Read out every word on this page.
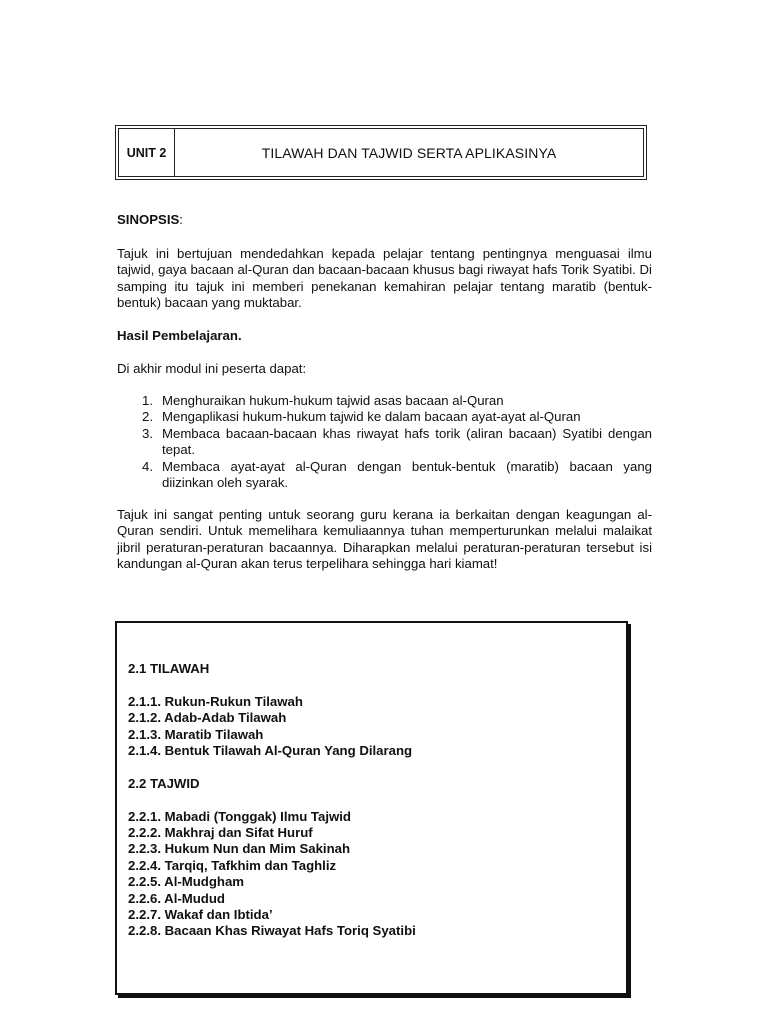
UNIT 2	TILAWAH DAN TAJWID SERTA APLIKASINYA
SINOPSIS:
Tajuk ini bertujuan mendedahkan kepada pelajar tentang pentingnya menguasai ilmu tajwid, gaya bacaan al-Quran dan bacaan-bacaan khusus bagi riwayat hafs Torik Syatibi. Di samping itu tajuk ini memberi penekanan kemahiran pelajar tentang maratib (bentuk-bentuk) bacaan yang muktabar.
Hasil Pembelajaran.
Di akhir modul ini peserta dapat:
1. Menghuraikan hukum-hukum tajwid asas bacaan al-Quran
2. Mengaplikasi hukum-hukum tajwid ke dalam bacaan ayat-ayat al-Quran
3. Membaca bacaan-bacaan khas riwayat hafs torik (aliran bacaan) Syatibi dengan tepat.
4. Membaca ayat-ayat al-Quran dengan bentuk-bentuk (maratib) bacaan yang diizinkan oleh syarak.
Tajuk ini sangat penting untuk seorang guru kerana ia berkaitan dengan keagungan al-Quran sendiri. Untuk memelihara kemuliaannya tuhan memperturunkan melalui malaikat jibril peraturan-peraturan bacaannya. Diharapkan melalui peraturan-peraturan tersebut isi kandungan al-Quran akan terus terpelihara sehingga hari kiamat!
2.1 TILAWAH
2.1.1. Rukun-Rukun Tilawah
2.1.2. Adab-Adab Tilawah
2.1.3. Maratib Tilawah
2.1.4. Bentuk Tilawah Al-Quran Yang Dilarang
2.2 TAJWID
2.2.1. Mabadi (Tonggak) Ilmu Tajwid
2.2.2. Makhraj dan Sifat Huruf
2.2.3. Hukum Nun dan Mim Sakinah
2.2.4. Tarqiq, Tafkhim dan Taghliz
2.2.5. Al-Mudgham
2.2.6. Al-Mudud
2.2.7. Wakaf dan Ibtida’
2.2.8. Bacaan Khas Riwayat Hafs Toriq Syatibi
